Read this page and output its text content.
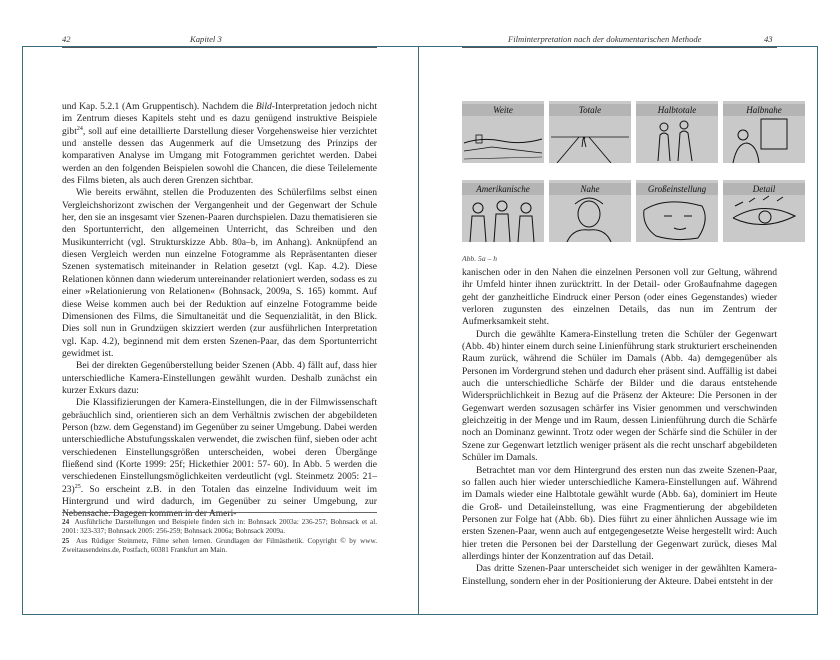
42	Kapitel 3

und Kap. 5.2.1 (Am Gruppentisch). Nachdem die Bild-Interpretation jedoch nicht im Zentrum dieses Kapitels steht und es dazu genügend instruktive Beispiele gibt$^{24}$, soll auf eine detaillierte Darstellung dieser Vorgehensweise hier verzichtet und anstelle dessen das Augenmerk auf die Umsetzung des Prinzips der komparativen Analyse im Umgang mit Fotogrammen gerichtet werden. Dabei werden an den folgenden Beispielen sowohl die Chancen, die diese Teilelemente des Films bieten, als auch deren Grenzen sichtbar.

Wie bereits erwähnt, stellen die Produzenten des Schülerfilms selbst einen Vergleichshorizont zwischen der Vergangenheit und der Gegenwart der Schule her, den sie an insgesamt vier Szenen-Paaren durchspielen. Dazu thematisieren sie den Sportunterricht, den allgemeinen Unterricht, das Schreiben und den Musikunterricht (vgl. Strukturskizze Abb. 80a–b, im Anhang). Anknüpfend an diesen Vergleich werden nun einzelne Fotogramme als Repräsentanten dieser Szenen systematisch miteinander in Relation gesetzt (vgl. Kap. 4.2). Diese Relationen können dann wiederum untereinander relationiert werden, sodass es zu einer »Relationierung von Relationen« (Bohnsack, 2009a, S. 165) kommt. Auf diese Weise kommen auch bei der Reduktion auf einzelne Fotogramme beide Dimensionen des Films, die Simultaneität und die Sequenzialität, in den Blick. Dies soll nun in Grundzügen skizziert werden (zur ausführlichen Interpretation vgl. Kap. 4.2), beginnend mit dem ersten Szenen-Paar, das dem Sportunterricht gewidmet ist.

Bei der direkten Gegenüberstellung beider Szenen (Abb. 4) fällt auf, dass hier unterschiedliche Kamera-Einstellungen gewählt wurden. Deshalb zunächst ein kurzer Exkurs dazu:

Die Klassifizierungen der Kamera-Einstellungen, die in der Filmwissenschaft gebräuchlich sind, orientieren sich an dem Verhältnis zwischen der abgebildeten Person (bzw. dem Gegenstand) im Gegenüber zu seiner Umgebung. Dabei werden unterschiedliche Abstufungsskalen verwendet, die zwischen fünf, sieben oder acht verschiedenen Einstellungsgrößen unterscheiden, wobei deren Übergänge fließend sind (Korte 1999: 25f; Hickethier 2001: 57- 60). In Abb. 5 werden die verschiedenen Einstellungsmöglichkeiten verdeutlicht (vgl. Steinmetz 2005: 21–23)$^{25}$. So erscheint z.B. in den Totalen das einzelne Individuum weit im Hintergrund und wird dadurch, im Gegenüber zu seiner Umgebung, zur Nebensache. Dagegen kommen in der Ameri-

24 Ausführliche Darstellungen und Beispiele finden sich in: Bohnsack 2003a: 236-257; Bohnsack et al. 2001: 323-337; Bohnsack 2005: 256-259; Bohnsack 2006a; Bohnsack 2009a.

25 Aus Rüdiger Steinmetz, Filme sehen lernen. Grundlagen der Filmästhetik. Copyright © by www. Zweitausendeins.de, Postfach, 60381 Frankfurt am Main.

Filminterpretation nach der dokumentarischen Methode	43
Weite	Totale	Halbtotale	Halbnahe
Amerikanische	Nahe	Großeinstellung	Detail
Abb. 5a – h

kanischen oder in den Nahen die einzelnen Personen voll zur Geltung, während ihr Umfeld hinter ihnen zurücktritt. In der Detail- oder Großaufnahme dagegen geht der ganzheitliche Eindruck einer Person (oder eines Gegenstandes) wieder verloren zugunsten des einzelnen Details, das nun im Zentrum der Aufmerksamkeit steht.

Durch die gewählte Kamera-Einstellung treten die Schüler der Gegenwart (Abb. 4b) hinter einem durch seine Linienführung stark strukturiert erscheinenden Raum zurück, während die Schüler im Damals (Abb. 4a) demgegenüber als Personen im Vordergrund stehen und dadurch eher präsent sind. Auffällig ist dabei auch die unterschiedliche Schärfe der Bilder und die daraus entstehende Widersprüchlichkeit in Bezug auf die Präsenz der Akteure: Die Personen in der Gegenwart werden sozusagen schärfer ins Visier genommen und verschwinden gleichzeitig in der Menge und im Raum, dessen Linienführung durch die Schärfe noch an Dominanz gewinnt. Trotz oder wegen der Schärfe sind die Schüler in der Szene zur Gegenwart letztlich weniger präsent als die recht unscharf abgebildeten Schüler im Damals.

Betrachtet man vor dem Hintergrund des ersten nun das zweite Szenen-Paar, so fallen auch hier wieder unterschiedliche Kamera-Einstellungen auf. Während im Damals wieder eine Halbtotale gewählt wurde (Abb. 6a), dominiert im Heute die Groß- und Detaileinstellung, was eine Fragmentierung der abgebildeten Personen zur Folge hat (Abb. 6b). Dies führt zu einer ähnlichen Aussage wie im ersten Szenen-Paar, wenn auch auf entgegengesetzte Weise hergestellt wird: Auch hier treten die Personen bei der Darstellung der Gegenwart zurück, dieses Mal allerdings hinter der Konzentration auf das Detail.

Das dritte Szenen-Paar unterscheidet sich weniger in der gewählten Kamera-Einstellung, sondern eher in der Positionierung der Akteure. Dabei entsteht in der
